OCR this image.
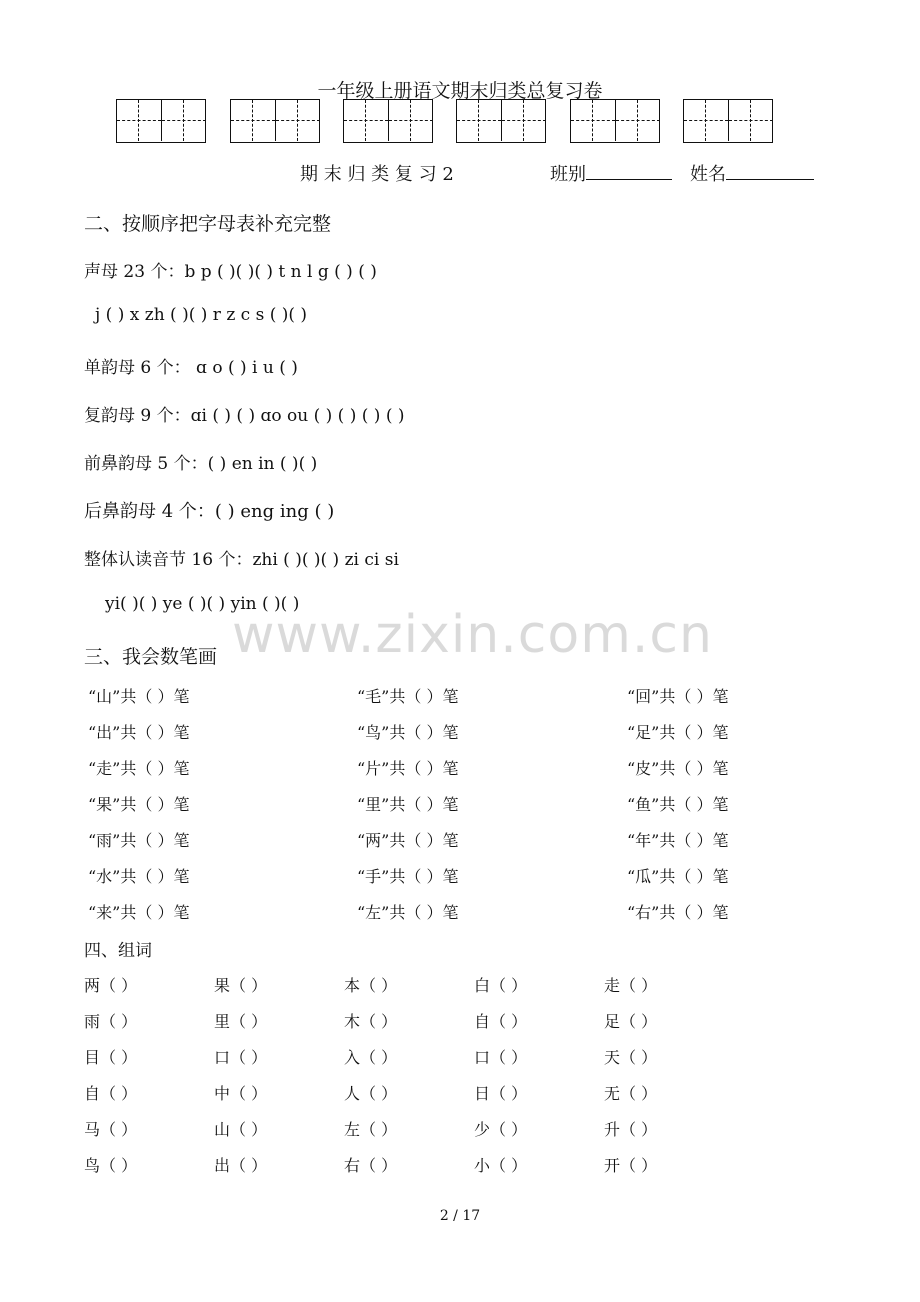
一年级上册语文期末归类总复习卷
期 末 归 类 复 习 2	班别	姓名
二、按顺序把字母表补充完整
声母 23 个：b p ( )( )( ) t n l g ( ) ( )
j ( ) x zh ( )( ) r z c s ( )( )
单韵母 6 个： ɑ o ( ) i u ( )
复韵母 9 个：ɑi ( ) ( ) ɑo ou ( ) ( ) ( ) ( )
前鼻韵母 5 个：( ) en in ( )( )
后鼻韵母 4 个：( ) eng ing ( )
整体认读音节 16 个：zhi ( )( )( ) zi ci si
yi( )( ) ye ( )( ) yin ( )( )
www.zixin.com.cn
三、我会数笔画
“山”共（ ）笔	“毛”共（ ）笔	“回”共（ ）笔
“出”共（ ）笔	“鸟”共（ ）笔	“足”共（ ）笔
“走”共（ ）笔	“片”共（ ）笔	“皮”共（ ）笔
“果”共（ ）笔	“里”共（ ）笔	“鱼”共（ ）笔
“雨”共（ ）笔	“两”共（ ）笔	“年”共（ ）笔
“水”共（ ）笔	“手”共（ ）笔	“瓜”共（ ）笔
“来”共（ ）笔	“左”共（ ）笔	“右”共（ ）笔
四、组词
两（ ）	果（ ）	本（ ）	白（ ）	走（ ）
雨（ ）	里（ ）	木（ ）	自（ ）	足（ ）
目（ ）	口（ ）	入（ ）	口（ ）	天（ ）
自（ ）	中（ ）	人（ ）	日（ ）	无（ ）
马（ ）	山（ ）	左（ ）	少（ ）	升（ ）
鸟（ ）	出（ ）	右（ ）	小（ ）	开（ ）
2 / 17
